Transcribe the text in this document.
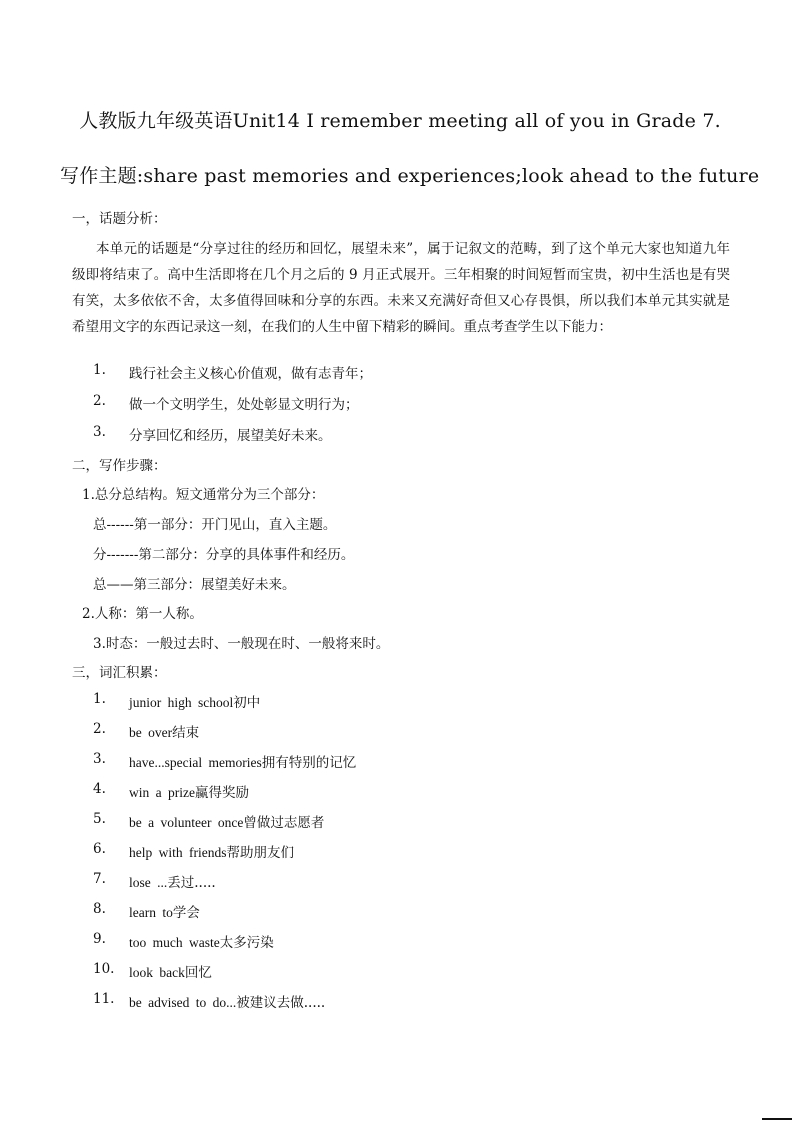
人教版九年级英语Unit14 I remember meeting all of you in Grade 7.
写作主题:share past memories and experiences;look ahead to the future
一，话题分析：
本单元的话题是“分享过往的经历和回忆，展望未来”，属于记叙文的范畴，到了这个单元大家也知道九年级即将结束了。高中生活即将在几个月之后的 9 月正式展开。三年相聚的时间短暂而宝贵，初中生活也是有哭有笑，太多依依不舍，太多值得回味和分享的东西。未来又充满好奇但又心存畏惧，所以我们本单元其实就是希望用文字的东西记录这一刻，在我们的人生中留下精彩的瞬间。重点考查学生以下能力：
1. 践行社会主义核心价值观，做有志青年；
2. 做一个文明学生，处处彰显文明行为；
3. 分享回忆和经历，展望美好未来。
二，写作步骤：
1.总分总结构。短文通常分为三个部分：
总------第一部分：开门见山，直入主题。
分-------第二部分：分享的具体事件和经历。
总——第三部分：展望美好未来。
2.人称：第一人称。
3.时态：一般过去时、一般现在时、一般将来时。
三，词汇积累：
1. junior high school初中
2. be over结束
3. have...special memories拥有特别的记忆
4. win a prize赢得奖励
5. be a volunteer once曾做过志愿者
6. help with friends帮助朋友们
7. lose ...丢过.....
8. learn to学会
9. too much waste太多污染
10. look back回忆
11. be advised to do...被建议去做.....
